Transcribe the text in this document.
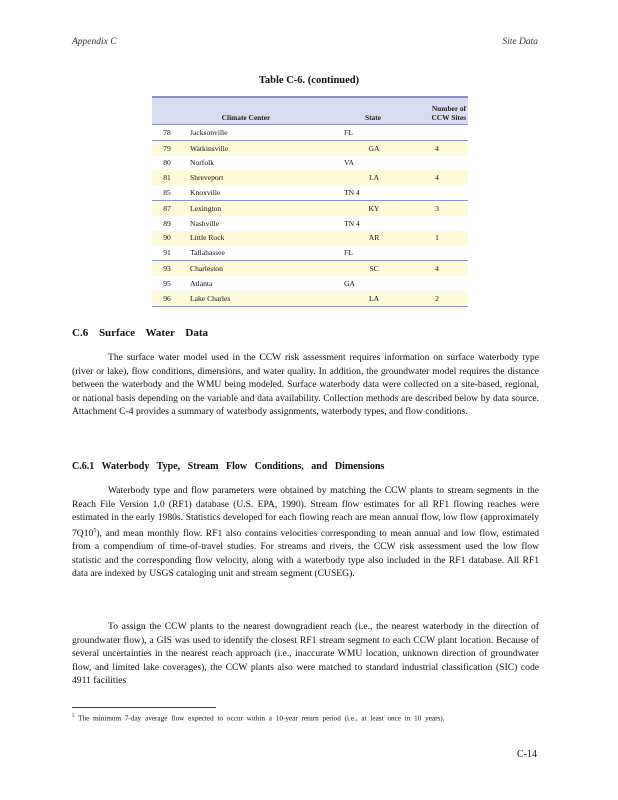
Appendix C	Site Data
Table C-6. (continued)
Climate Center		State	Number of
CCW Sites
78	Jacksonville	FL	
79	Watkinsville	GA	4
80	Norfolk	VA	
81	Shreveport	LA	4
85	Knoxville	TN 4	
87	Lexington	KY	3
89	Nashville	TN 4	
90	Little Rock	AR	1
91	Tallahassee	FL	
93	Charleston	SC	4
95	Atlanta	GA	
96	Lake Charles	LA	2
C.6 Surface Water Data
The surface water model used in the CCW risk assessment requires information on surface waterbody type (river or lake), flow conditions, dimensions, and water quality. In addition, the groundwater model requires the distance between the waterbody and the WMU being modeled. Surface waterbody data were collected on a site-based, regional, or national basis depending on the variable and data availability. Collection methods are described below by data source. Attachment C-4 provides a summary of waterbody assignments, waterbody types, and flow conditions.
C.6.1 Waterbody Type, Stream Flow Conditions, and Dimensions
Waterbody type and flow parameters were obtained by matching the CCW plants to stream segments in the Reach File Version 1.0 (RF1) database (U.S. EPA, 1990). Stream flow estimates for all RF1 flowing reaches were estimated in the early 1980s. Statistics developed for each flowing reach are mean annual flow, low flow (approximately $7Q10^5$), and mean monthly flow. RF1 also contains velocities corresponding to mean annual and low flow, estimated from a compendium of time-of-travel studies. For streams and rivers, the CCW risk assessment used the low flow statistic and the corresponding flow velocity, along with a waterbody type also included in the RF1 database. All RF1 data are indexed by USGS cataloging unit and stream segment (CUSEG).
To assign the CCW plants to the nearest downgradient reach (i.e., the nearest waterbody in the direction of groundwater flow), a GIS was used to identify the closest RF1 stream segment to each CCW plant location. Because of several uncertainties in the nearest reach approach (i.e., inaccurate WMU location, unknown direction of groundwater flow, and limited lake coverages), the CCW plants also were matched to standard industrial classification (SIC) code 4911 facilities
$^5$ The minimum 7-day average flow expected to occur within a 10-year return period (i.e., at least once in 10 years).
C-14
